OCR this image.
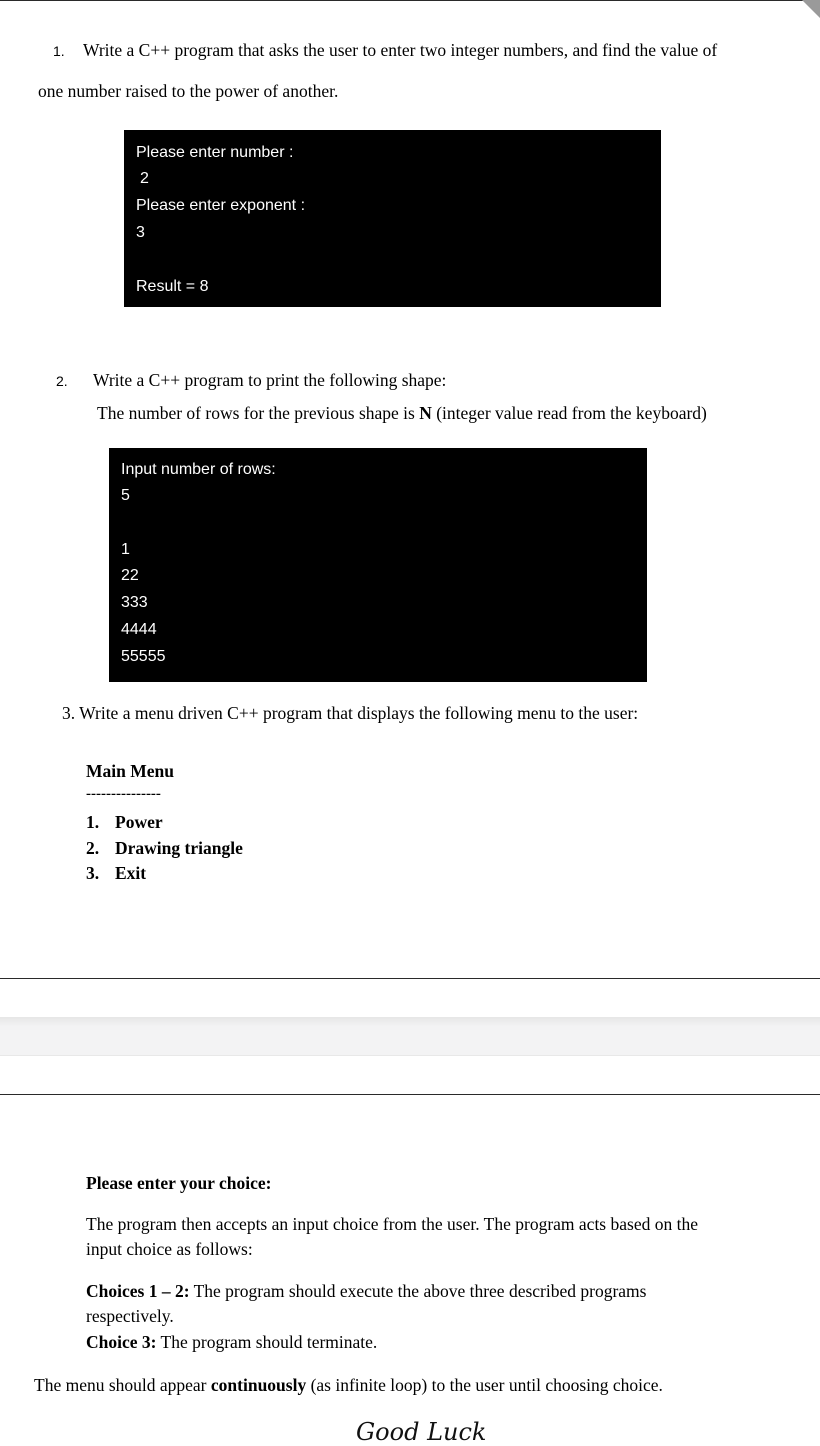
1. Write a C++ program that asks the user to enter two integer numbers, and find the value of
one number raised to the power of another.
Please enter number :
2
Please enter exponent :
3
Result = 8
2. Write a C++ program to print the following shape:
The number of rows for the previous shape is N (integer value read from the keyboard)
Input number of rows:
5
1
22
333
4444
55555
3. Write a menu driven C++ program that displays the following menu to the user:
Main Menu
---------------
1. Power
2. Drawing triangle
3. Exit
Please enter your choice:
The program then accepts an input choice from the user. The program acts based on the
input choice as follows:
Choices 1 – 2: The program should execute the above three described programs
respectively.
Choice 3: The program should terminate.
The menu should appear continuously (as infinite loop) to the user until choosing choice.
Good Luck
